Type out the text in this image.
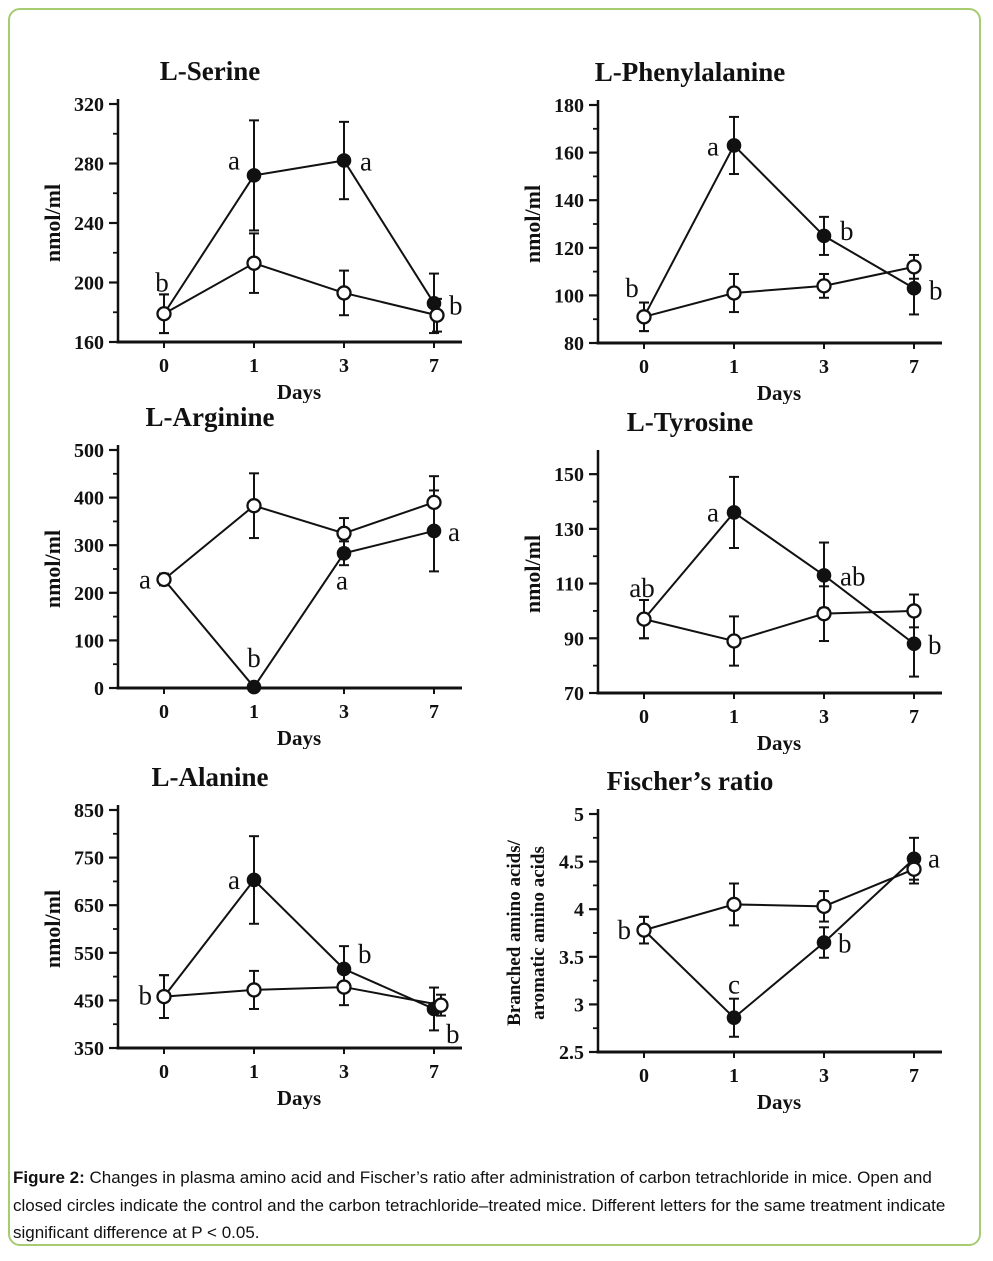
L-Serine
160
200
240
280
320
0	1	3	7
Days
nmol/ml
b
a	a
b
L-Phenylalanine
80
100
120
140
160
180
0	1	3	7
Days
nmol/ml
b
a
b
b
L-Arginine
0
100
200
300
400
500
0	1	3	7
Days
nmol/ml	a
b
a
a
L-Tyrosine
70
90
110
130
150
0	1	3	7
Days
nmol/ml	ab
a
ab
b
L-Alanine
350
450
550
650
750
850
0	1	3	7
Days
nmol/ml
b
a
b
b
Fischer’s ratio
2.5
3
3.5
4
4.5
5
0	1	3	7
Days
Branched amino acids/ aromatic amino acids	b
c
b
a

Figure 2: Changes in plasma amino acid and Fischer’s ratio after administration of carbon tetrachloride in mice. Open and closed circles indicate the control and the carbon tetrachloride–treated mice. Different letters for the same treatment indicate significant difference at P < 0.05.
